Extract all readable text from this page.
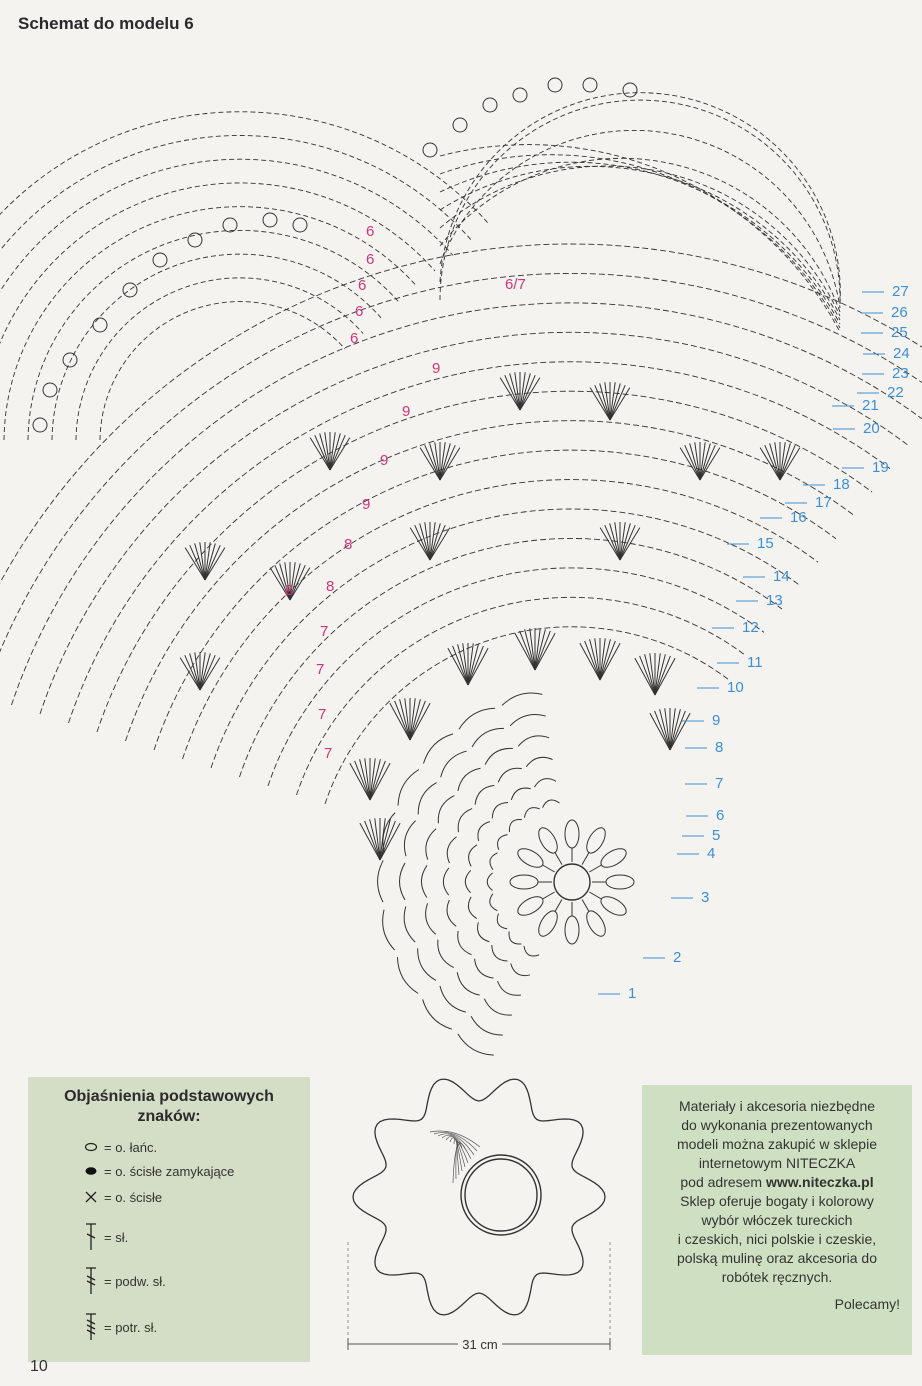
Schemat do modelu 6
1
2
3
4
5
6
7
8
9
10
11
12
13
14
15
16
17
18
19
20
21
22
23
24
25
26
27
6
6
6
6
6
6/7
9
9
9
9
8
8
8
7
7
7
7
Objaśnienia podstawowych znaków:
= o. łańc.
= o. ścisłe zamykające
= o. ścisłe
= sł.
= podw. sł.
= potr. sł.
31 cm
Materiały i akcesoria niezbędne
do wykonania prezentowanych
modeli można zakupić w sklepie
internetowym NITECZKA
pod adresem www.niteczka.pl
Sklep oferuje bogaty i kolorowy
wybór włóczek tureckich
i czeskich, nici polskie i czeskie,
polską mulinę oraz akcesoria do
robótek ręcznych.
Polecamy!
10
